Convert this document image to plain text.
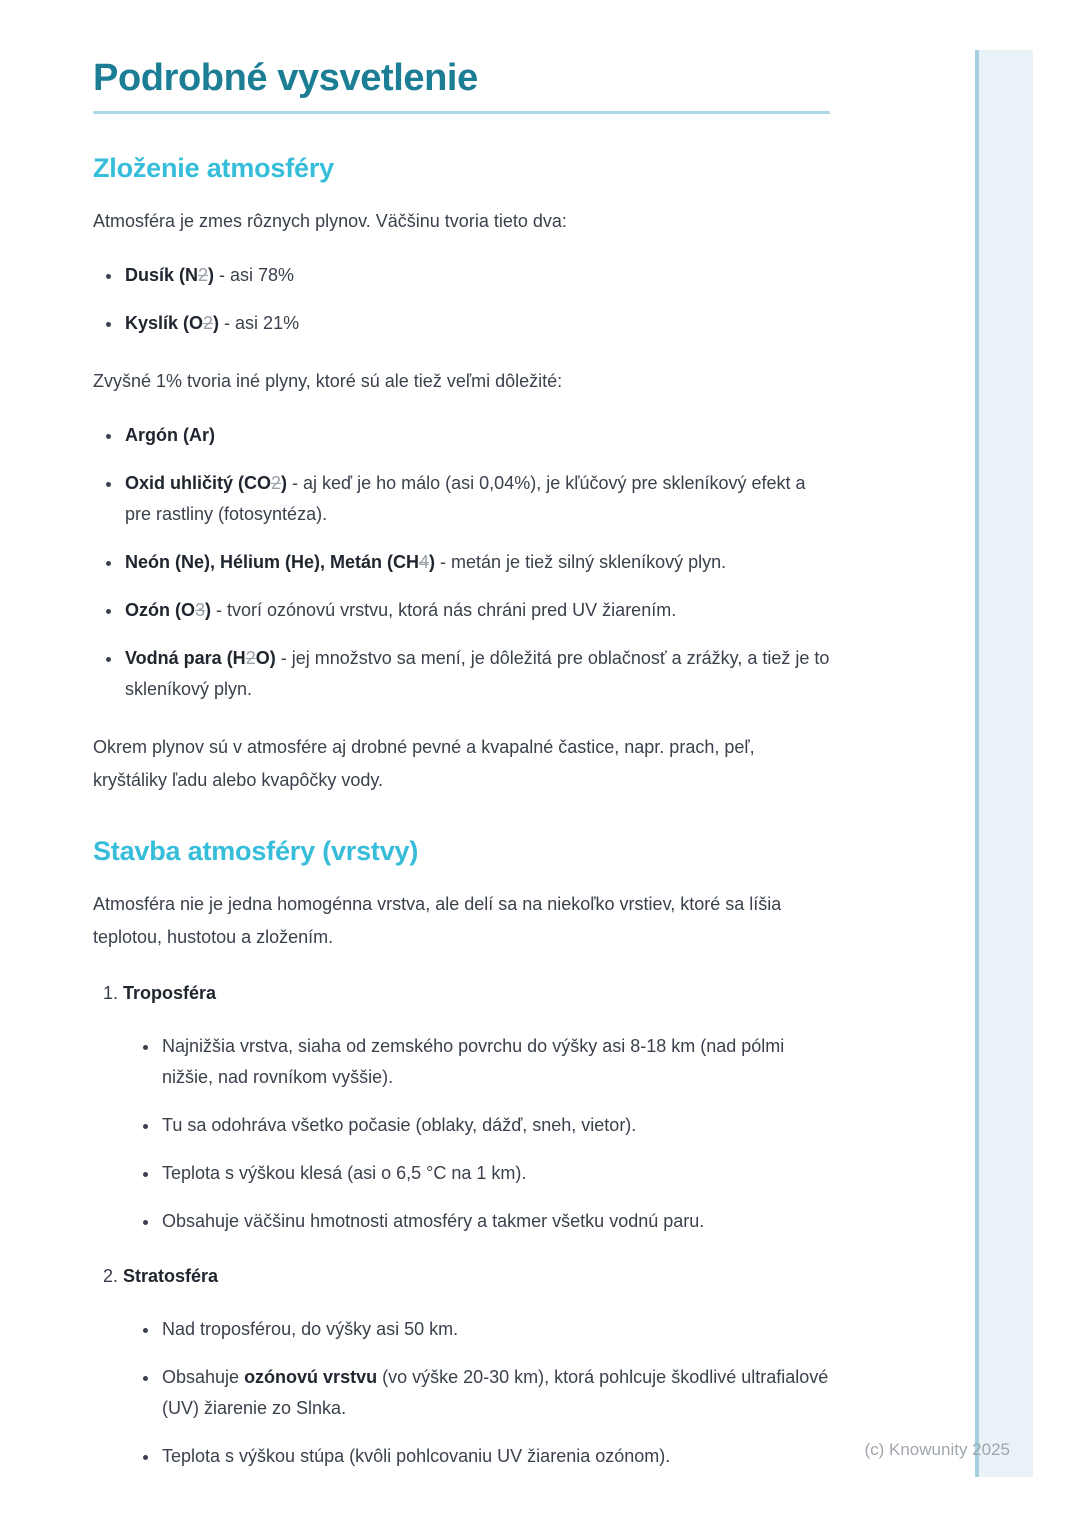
Podrobné vysvetlenie
Zloženie atmosféry

Atmosféra je zmes rôznych plynov. Väčšinu tvoria tieto dva:

• Dusík (N2) - asi 78%
• Kyslík (O2) - asi 21%

Zvyšné 1% tvoria iné plyny, ktoré sú ale tiež veľmi dôležité:

• Argón (Ar)
• Oxid uhličitý (CO2) - aj keď je ho málo (asi 0,04%), je kľúčový pre skleníkový efekt a pre rastliny (fotosyntéza).
• Neón (Ne), Hélium (He), Metán (CH4) - metán je tiež silný skleníkový plyn.
• Ozón (O3) - tvorí ozónovú vrstvu, ktorá nás chráni pred UV žiarením.
• Vodná para (H2O) - jej množstvo sa mení, je dôležitá pre oblačnosť a zrážky, a tiež je to skleníkový plyn.

Okrem plynov sú v atmosfére aj drobné pevné a kvapalné častice, napr. prach, peľ, kryštáliky ľadu alebo kvapôčky vody.

Stavba atmosféry (vrstvy)

Atmosféra nie je jedna homogénna vrstva, ale delí sa na niekoľko vrstiev, ktoré sa líšia teplotou, hustotou a zložením.

1. Troposféra
• Najnižšia vrstva, siaha od zemského povrchu do výšky asi 8-18 km (nad pólmi nižšie, nad rovníkom vyššie).
• Tu sa odohráva všetko počasie (oblaky, dážď, sneh, vietor).
• Teplota s výškou klesá (asi o 6,5 °C na 1 km).
• Obsahuje väčšinu hmotnosti atmosféry a takmer všetku vodnú paru.
2. Stratosféra
• Nad troposférou, do výšky asi 50 km.
• Obsahuje ozónovú vrstvu (vo výške 20-30 km), ktorá pohlcuje škodlivé ultrafialové (UV) žiarenie zo Slnka.
• Teplota s výškou stúpa (kvôli pohlcovaniu UV žiarenia ozónom).	(c) Knowunity 2025
